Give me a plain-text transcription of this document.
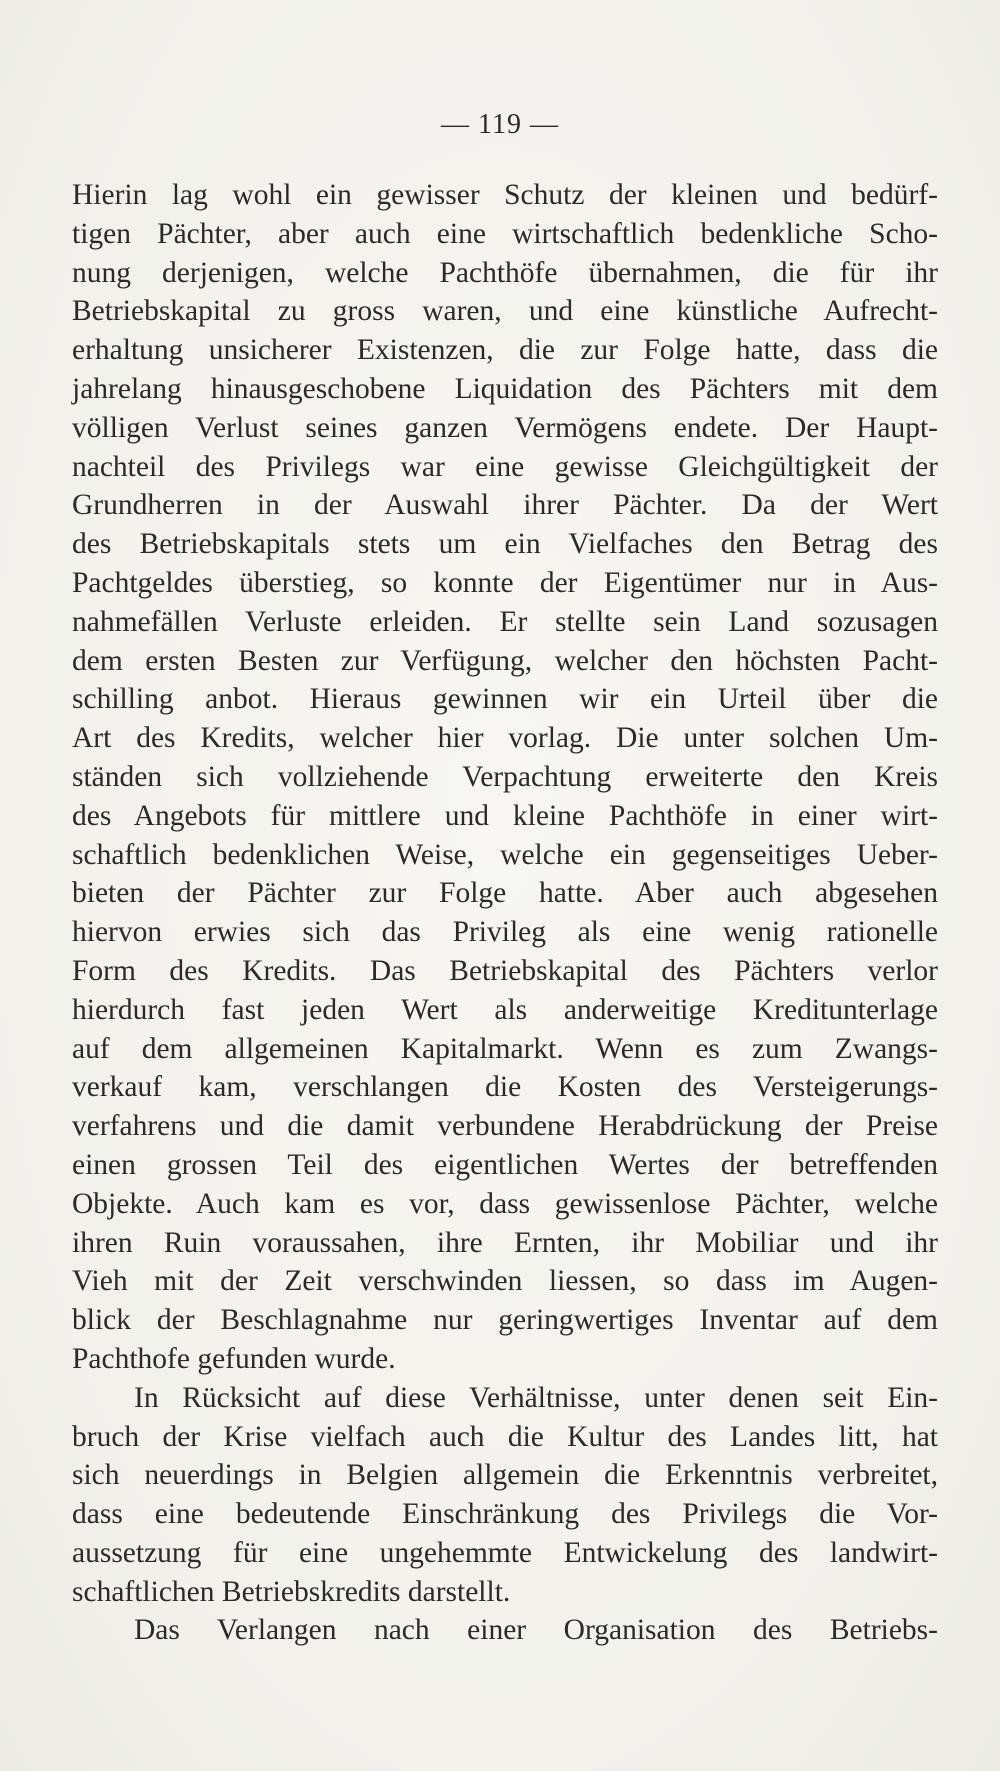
— 119 —
Hierin lag wohl ein gewisser Schutz der kleinen und bedürf-
tigen Pächter, aber auch eine wirtschaftlich bedenkliche Scho-
nung derjenigen, welche Pachthöfe übernahmen, die für ihr
Betriebskapital zu gross waren, und eine künstliche Aufrecht-
erhaltung unsicherer Existenzen, die zur Folge hatte, dass die
jahrelang hinausgeschobene Liquidation des Pächters mit dem
völligen Verlust seines ganzen Vermögens endete. Der Haupt-
nachteil des Privilegs war eine gewisse Gleichgültigkeit der
Grundherren in der Auswahl ihrer Pächter. Da der Wert
des Betriebskapitals stets um ein Vielfaches den Betrag des
Pachtgeldes überstieg, so konnte der Eigentümer nur in Aus-
nahmefällen Verluste erleiden. Er stellte sein Land sozusagen
dem ersten Besten zur Verfügung, welcher den höchsten Pacht-
schilling anbot. Hieraus gewinnen wir ein Urteil über die
Art des Kredits, welcher hier vorlag. Die unter solchen Um-
ständen sich vollziehende Verpachtung erweiterte den Kreis
des Angebots für mittlere und kleine Pachthöfe in einer wirt-
schaftlich bedenklichen Weise, welche ein gegenseitiges Ueber-
bieten der Pächter zur Folge hatte. Aber auch abgesehen
hiervon erwies sich das Privileg als eine wenig rationelle
Form des Kredits. Das Betriebskapital des Pächters verlor
hierdurch fast jeden Wert als anderweitige Kreditunterlage
auf dem allgemeinen Kapitalmarkt. Wenn es zum Zwangs-
verkauf kam, verschlangen die Kosten des Versteigerungs-
verfahrens und die damit verbundene Herabdrückung der Preise
einen grossen Teil des eigentlichen Wertes der betreffenden
Objekte. Auch kam es vor, dass gewissenlose Pächter, welche
ihren Ruin voraussahen, ihre Ernten, ihr Mobiliar und ihr
Vieh mit der Zeit verschwinden liessen, so dass im Augen-
blick der Beschlagnahme nur geringwertiges Inventar auf dem
Pachthofe gefunden wurde.
In Rücksicht auf diese Verhältnisse, unter denen seit Ein-
bruch der Krise vielfach auch die Kultur des Landes litt, hat
sich neuerdings in Belgien allgemein die Erkenntnis verbreitet,
dass eine bedeutende Einschränkung des Privilegs die Vor-
aussetzung für eine ungehemmte Entwickelung des landwirt-
schaftlichen Betriebskredits darstellt.
Das Verlangen nach einer Organisation des Betriebs-
